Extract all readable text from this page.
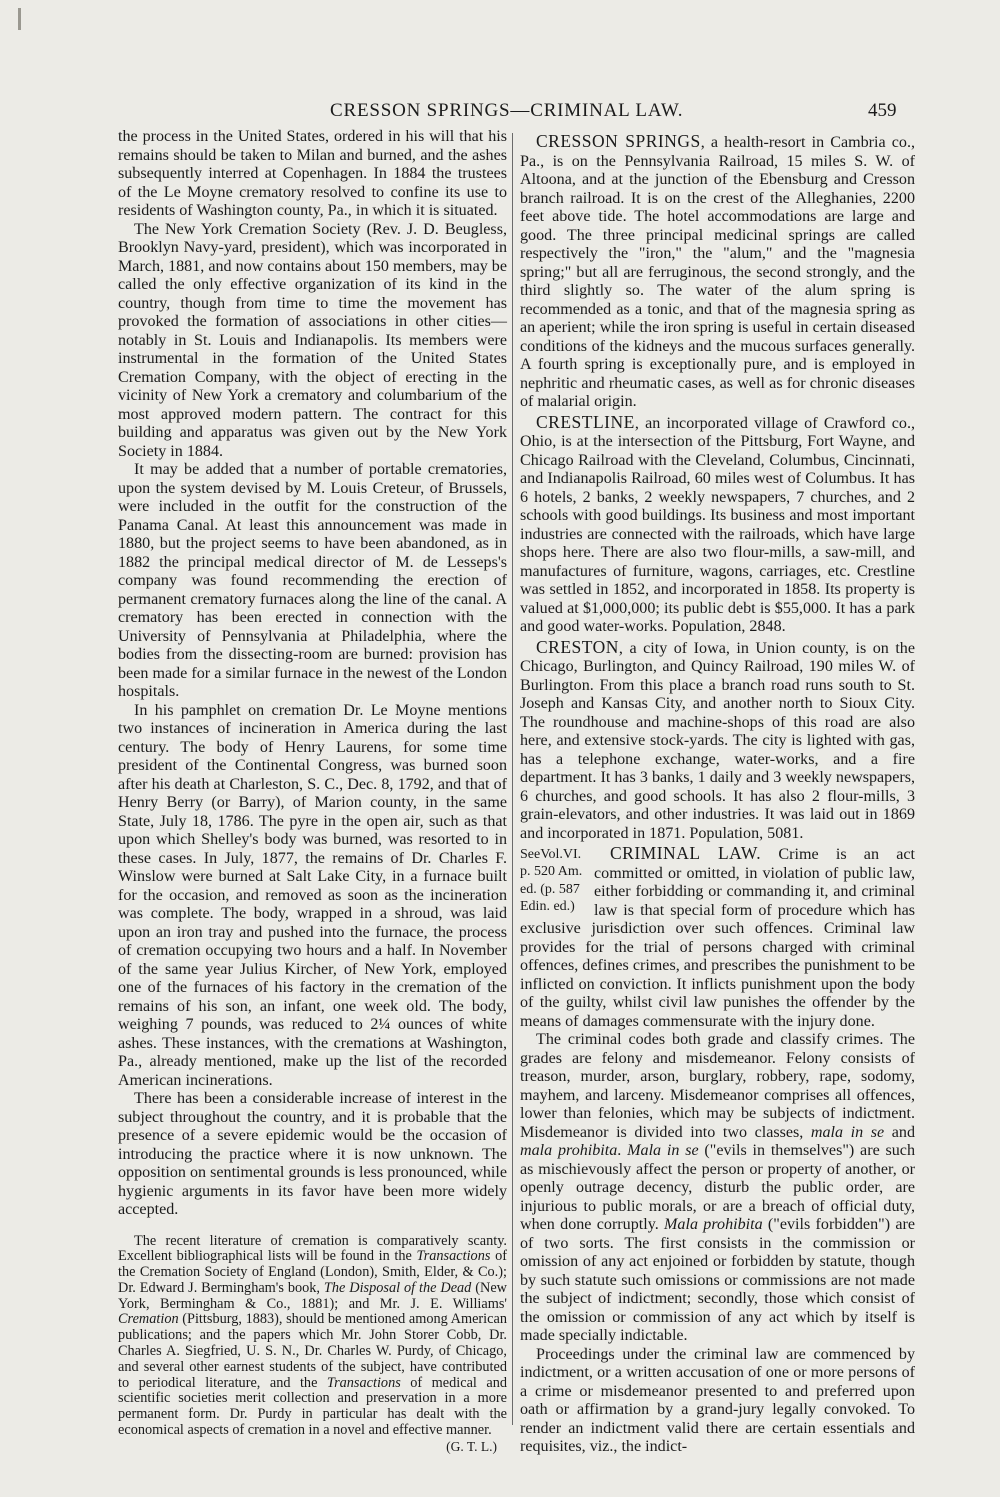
CRESSON SPRINGS—CRIMINAL LAW.	459

the process in the United States, ordered in his will that his remains should be taken to Milan and burned, and the ashes subsequently interred at Copenhagen. In 1884 the trustees of the Le Moyne crematory resolved to confine its use to residents of Washington county, Pa., in which it is situated.

The New York Cremation Society (Rev. J. D. Beugless, Brooklyn Navy-yard, president), which was incorporated in March, 1881, and now contains about 150 members, may be called the only effective organization of its kind in the country, though from time to time the movement has provoked the formation of associations in other cities—notably in St. Louis and Indianapolis. Its members were instrumental in the formation of the United States Cremation Company, with the object of erecting in the vicinity of New York a crematory and columbarium of the most approved modern pattern. The contract for this building and apparatus was given out by the New York Society in 1884.

It may be added that a number of portable crematories, upon the system devised by M. Louis Creteur, of Brussels, were included in the outfit for the construction of the Panama Canal. At least this announcement was made in 1880, but the project seems to have been abandoned, as in 1882 the principal medical director of M. de Lesseps's company was found recommending the erection of permanent crematory furnaces along the line of the canal. A crematory has been erected in connection with the University of Pennsylvania at Philadelphia, where the bodies from the dissecting-room are burned: provision has been made for a similar furnace in the newest of the London hospitals.

In his pamphlet on cremation Dr. Le Moyne mentions two instances of incineration in America during the last century. The body of Henry Laurens, for some time president of the Continental Congress, was burned soon after his death at Charleston, S. C., Dec. 8, 1792, and that of Henry Berry (or Barry), of Marion county, in the same State, July 18, 1786. The pyre in the open air, such as that upon which Shelley's body was burned, was resorted to in these cases. In July, 1877, the remains of Dr. Charles F. Winslow were burned at Salt Lake City, in a furnace built for the occasion, and removed as soon as the incineration was complete. The body, wrapped in a shroud, was laid upon an iron tray and pushed into the furnace, the process of cremation occupying two hours and a half. In November of the same year Julius Kircher, of New York, employed one of the furnaces of his factory in the cremation of the remains of his son, an infant, one week old. The body, weighing 7 pounds, was reduced to 2¼ ounces of white ashes. These instances, with the cremations at Washington, Pa., already mentioned, make up the list of the recorded American incinerations.

There has been a considerable increase of interest in the subject throughout the country, and it is probable that the presence of a severe epidemic would be the occasion of introducing the practice where it is now unknown. The opposition on sentimental grounds is less pronounced, while hygienic arguments in its favor have been more widely accepted.

The recent literature of cremation is comparatively scanty. Excellent bibliographical lists will be found in the Transactions of the Cremation Society of England (London), Smith, Elder, & Co.); Dr. Edward J. Bermingham's book, The Disposal of the Dead (New York, Bermingham & Co., 1881); and Mr. J. E. Williams' Cremation (Pittsburg, 1883), should be mentioned among American publications; and the papers which Mr. John Storer Cobb, Dr. Charles A. Siegfried, U. S. N., Dr. Charles W. Purdy, of Chicago, and several other earnest students of the subject, have contributed to periodical literature, and the Transactions of medical and scientific societies merit collection and preservation in a more permanent form. Dr. Purdy in particular has dealt with the economical aspects of cremation in a novel and effective manner.
(G. T. L.)

CRESSON SPRINGS, a health-resort in Cambria co., Pa., is on the Pennsylvania Railroad, 15 miles S. W. of Altoona, and at the junction of the Ebensburg and Cresson branch railroad. It is on the crest of the Alleghanies, 2200 feet above tide. The hotel accommodations are large and good. The three principal medicinal springs are called respectively the "iron," the "alum," and the "magnesia spring;" but all are ferruginous, the second strongly, and the third slightly so. The water of the alum spring is recommended as a tonic, and that of the magnesia spring as an aperient; while the iron spring is useful in certain diseased conditions of the kidneys and the mucous surfaces generally. A fourth spring is exceptionally pure, and is employed in nephritic and rheumatic cases, as well as for chronic diseases of malarial origin.

CRESTLINE, an incorporated village of Crawford co., Ohio, is at the intersection of the Pittsburg, Fort Wayne, and Chicago Railroad with the Cleveland, Columbus, Cincinnati, and Indianapolis Railroad, 60 miles west of Columbus. It has 6 hotels, 2 banks, 2 weekly newspapers, 7 churches, and 2 schools with good buildings. Its business and most important industries are connected with the railroads, which have large shops here. There are also two flour-mills, a saw-mill, and manufactures of furniture, wagons, carriages, etc. Crestline was settled in 1852, and incorporated in 1858. Its property is valued at $1,000,000; its public debt is $55,000. It has a park and good water-works. Population, 2848.

CRESTON, a city of Iowa, in Union county, is on the Chicago, Burlington, and Quincy Railroad, 190 miles W. of Burlington. From this place a branch road runs south to St. Joseph and Kansas City, and another north to Sioux City. The roundhouse and machine-shops of this road are also here, and extensive stock-yards. The city is lighted with gas, has a telephone exchange, water-works, and a fire department. It has 3 banks, 1 daily and 3 weekly newspapers, 6 churches, and good schools. It has also 2 flour-mills, 3 grain-elevators, and other industries. It was laid out in 1869 and incorporated in 1871. Population, 5081.

CRIMINAL LAW.
SeeVol.VI. p. 520 Am. ed. (p. 587 Edin. ed.)
Crime is an act committed or omitted, in violation of public law, either forbidding or commanding it, and criminal law is that special form of procedure which has exclusive jurisdiction over such offences. Criminal law provides for the trial of persons charged with criminal offences, defines crimes, and prescribes the punishment to be inflicted on conviction. It inflicts punishment upon the body of the guilty, whilst civil law punishes the offender by the means of damages commensurate with the injury done.

The criminal codes both grade and classify crimes. The grades are felony and misdemeanor. Felony consists of treason, murder, arson, burglary, robbery, rape, sodomy, mayhem, and larceny. Misdemeanor comprises all offences, lower than felonies, which may be subjects of indictment. Misdemeanor is divided into two classes, mala in se and mala prohibita. Mala in se ("evils in themselves") are such as mischievously affect the person or property of another, or openly outrage decency, disturb the public order, are injurious to public morals, or are a breach of official duty, when done corruptly. Mala prohibita ("evils forbidden") are of two sorts. The first consists in the commission or omission of any act enjoined or forbidden by statute, though by such statute such omissions or commissions are not made the subject of indictment; secondly, those which consist of the omission or commission of any act which by itself is made specially indictable.

Proceedings under the criminal law are commenced by indictment, or a written accusation of one or more persons of a crime or misdemeanor presented to and preferred upon oath or affirmation by a grand-jury legally convoked. To render an indictment valid there are certain essentials and requisites, viz., the indict-
